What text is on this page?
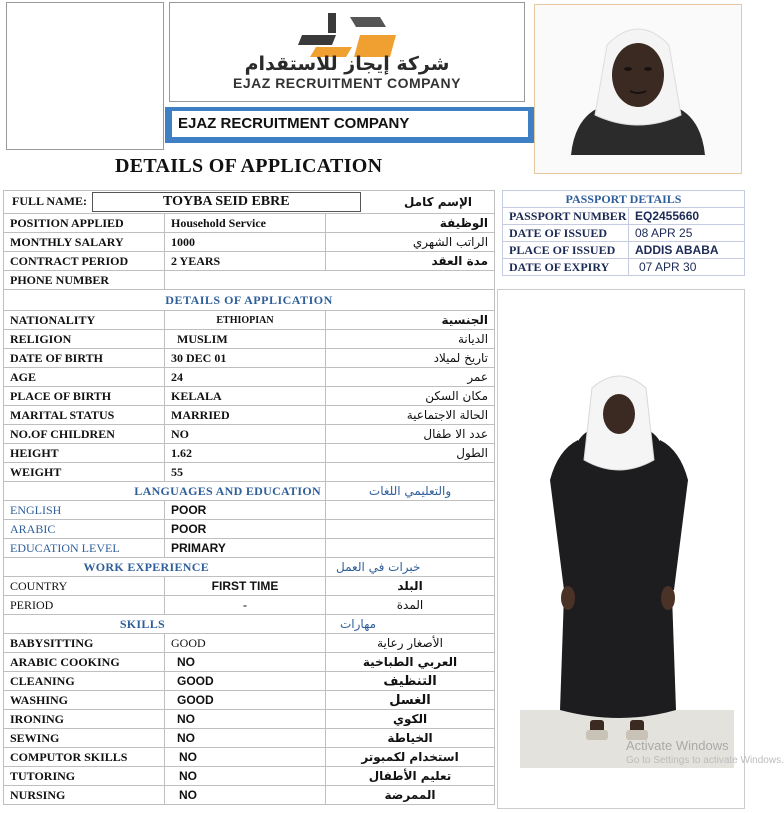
شركة إيجاز للاستقدام
EJAZ RECRUITMENT COMPANY
EJAZ RECRUITMENT COMPANY
DETAILS OF APPLICATION
FULL NAME: TOYBA SEID EBRE الإسم كامل		

POSITION APPLIED	Household Service	الوظيفة
MONTHLY SALARY	1000	الراتب الشهري
CONTRACT PERIOD	2 YEARS	مدة العقد
PHONE NUMBER		
DETAILS OF APPLICATION		
NATIONALITY	ETHIOPIAN	الجنسية
RELIGION	MUSLIM	الديانة
DATE OF BIRTH	30 DEC 01	تاريخ لميلاد
AGE	24	عمر
PLACE OF BIRTH	KELALA	مكان السكن
MARITAL STATUS	MARRIED	الحالة الاجتماعية
NO.OF CHILDREN	NO	عدد الا طفال
HEIGHT	1.62	الطول
WEIGHT	55	
LANGUAGES AND EDUCATION		والتعليمي اللغات
ENGLISH	POOR	
ARABIC	POOR	
EDUCATION LEVEL	PRIMARY	
WORK EXPERIENCE		خبرات في العمل
COUNTRY	FIRST TIME	البلد
PERIOD	-	المدة
SKILLS		مهارات
BABYSITTING	GOOD	الأصغار رعاية
ARABIC COOKING	NO	العربي الطباخية
CLEANING	GOOD	التنظيف
WASHING	GOOD	الغسل
IRONING	NO	الكوي
SEWING	NO	الخياطة
COMPUTOR SKILLS	NO	استخدام لكمبوتر
TUTORING	NO	تعليم الأطفال
NURSING	NO	الممرضة
PASSPORT DETAILS	
PASSPORT NUMBER	EQ2455660
DATE OF ISSUED	08 APR 25
PLACE OF ISSUED	ADDIS ABABA
DATE OF EXPIRY	07 APR 30
Activate Windows
Go to Settings to activate Windows.
